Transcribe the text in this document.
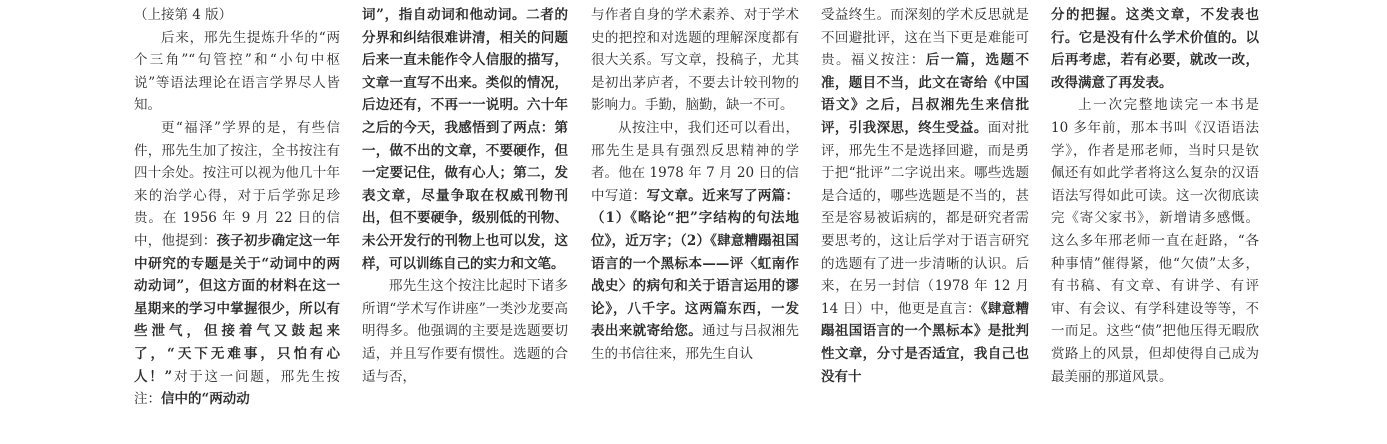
（上接第 4 版）

后来，邢先生提炼升华的“两个三角”“句管控”和“小句中枢说”等语法理论在语言学界尽人皆知。

更“福泽”学界的是，有些信件，邢先生加了按注，全书按注有四十余处。按注可以视为他几十年来的治学心得，对于后学弥足珍贵。在 1956 年 9 月 22 日的信中，他提到：孩子初步确定这一年中研究的专题是关于“动词中的两动动词”，但这方面的材料在这一星期来的学习中掌握很少，所以有些泄气，但接着气又鼓起来了，“天下无难事，只怕有心人！”对于这一问题，邢先生按注：信中的“两动动

词”，指自动词和他动词。二者的分界和纠结很难讲清，相关的问题后来一直未能作令人信服的描写，文章一直写不出来。类似的情况，后边还有，不再一一说明。六十年之后的今天，我感悟到了两点：第一，做不出的文章，不要硬作，但一定要记住，做有心人；第二，发表文章，尽量争取在权威刊物刊出，但不要硬争，级别低的刊物、未公开发行的刊物上也可以发，这样，可以训练自己的实力和文笔。

邢先生这个按注比起时下诸多所谓“学术写作讲座”一类沙龙要高明得多。他强调的主要是选题要切适，并且写作要有惯性。选题的合适与否，

与作者自身的学术素养、对于学术史的把控和对选题的理解深度都有很大关系。写文章，投稿子，尤其是初出茅庐者，不要去计较刊物的影响力。手勤，脑勤，缺一不可。

从按注中，我们还可以看出，邢先生是具有强烈反思精神的学者。他在 1978 年 7 月 20 日的信中写道：写文章。近来写了两篇：（1）《略论“把”字结构的句法地位》，近万字；（2）《肆意糟蹋祖国语言的一个黑标本——评〈虹南作战史〉的病句和关于语言运用的谬论》，八千字。这两篇东西，一发表出来就寄给您。通过与吕叔湘先生的书信往来，邢先生自认

受益终生。而深刻的学术反思就是不回避批评，这在当下更是难能可贵。福义按注：后一篇，选题不准，题目不当，此文在寄给《中国语文》之后，吕叔湘先生来信批评，引我深思，终生受益。面对批评，邢先生不是选择回避，而是勇于把“批评”二字说出来。哪些选题是合适的，哪些选题是不当的，甚至是容易被诟病的，都是研究者需要思考的，这让后学对于语言研究的选题有了进一步清晰的认识。后来，在另一封信（1978 年 12 月 14 日）中，他更是直言：《肆意糟蹋祖国语言的一个黑标本》是批判性文章，分寸是否适宜，我自己也没有十

分的把握。这类文章，不发表也行。它是没有什么学术价值的。以后再考虑，若有必要，就改一改，改得满意了再发表。

上一次完整地读完一本书是 10 多年前，那本书叫《汉语语法学》，作者是邢老师，当时只是钦佩还有如此学者将这么复杂的汉语语法写得如此可读。这一次彻底读完《寄父家书》，新增请多感慨。这么多年邢老师一直在赶路，“各种事情”催得紧，他“欠债”太多，有书稿、有文章、有讲学、有评审、有会议、有学科建设等等，不一而足。这些“债”把他压得无暇欣赏路上的风景，但却使得自己成为最美丽的那道风景。
